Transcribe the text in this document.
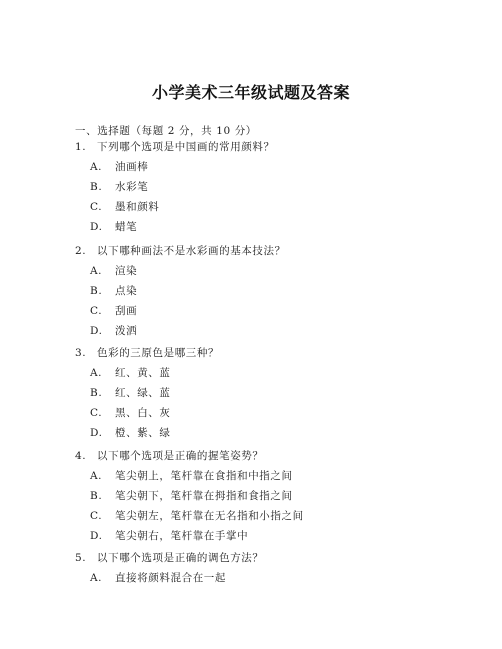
小学美术三年级试题及答案
一、选择题（每题 2 分，共 10 分）
1. 下列哪个选项是中国画的常用颜料？
A. 油画棒
B. 水彩笔
C. 墨和颜料
D. 蜡笔
2. 以下哪种画法不是水彩画的基本技法？
A. 渲染
B. 点染
C. 刮画
D. 泼洒
3. 色彩的三原色是哪三种？
A. 红、黄、蓝
B. 红、绿、蓝
C. 黑、白、灰
D. 橙、紫、绿
4. 以下哪个选项是正确的握笔姿势？
A. 笔尖朝上，笔杆靠在食指和中指之间
B. 笔尖朝下，笔杆靠在拇指和食指之间
C. 笔尖朝左，笔杆靠在无名指和小指之间
D. 笔尖朝右，笔杆靠在手掌中
5. 以下哪个选项是正确的调色方法？
A. 直接将颜料混合在一起
